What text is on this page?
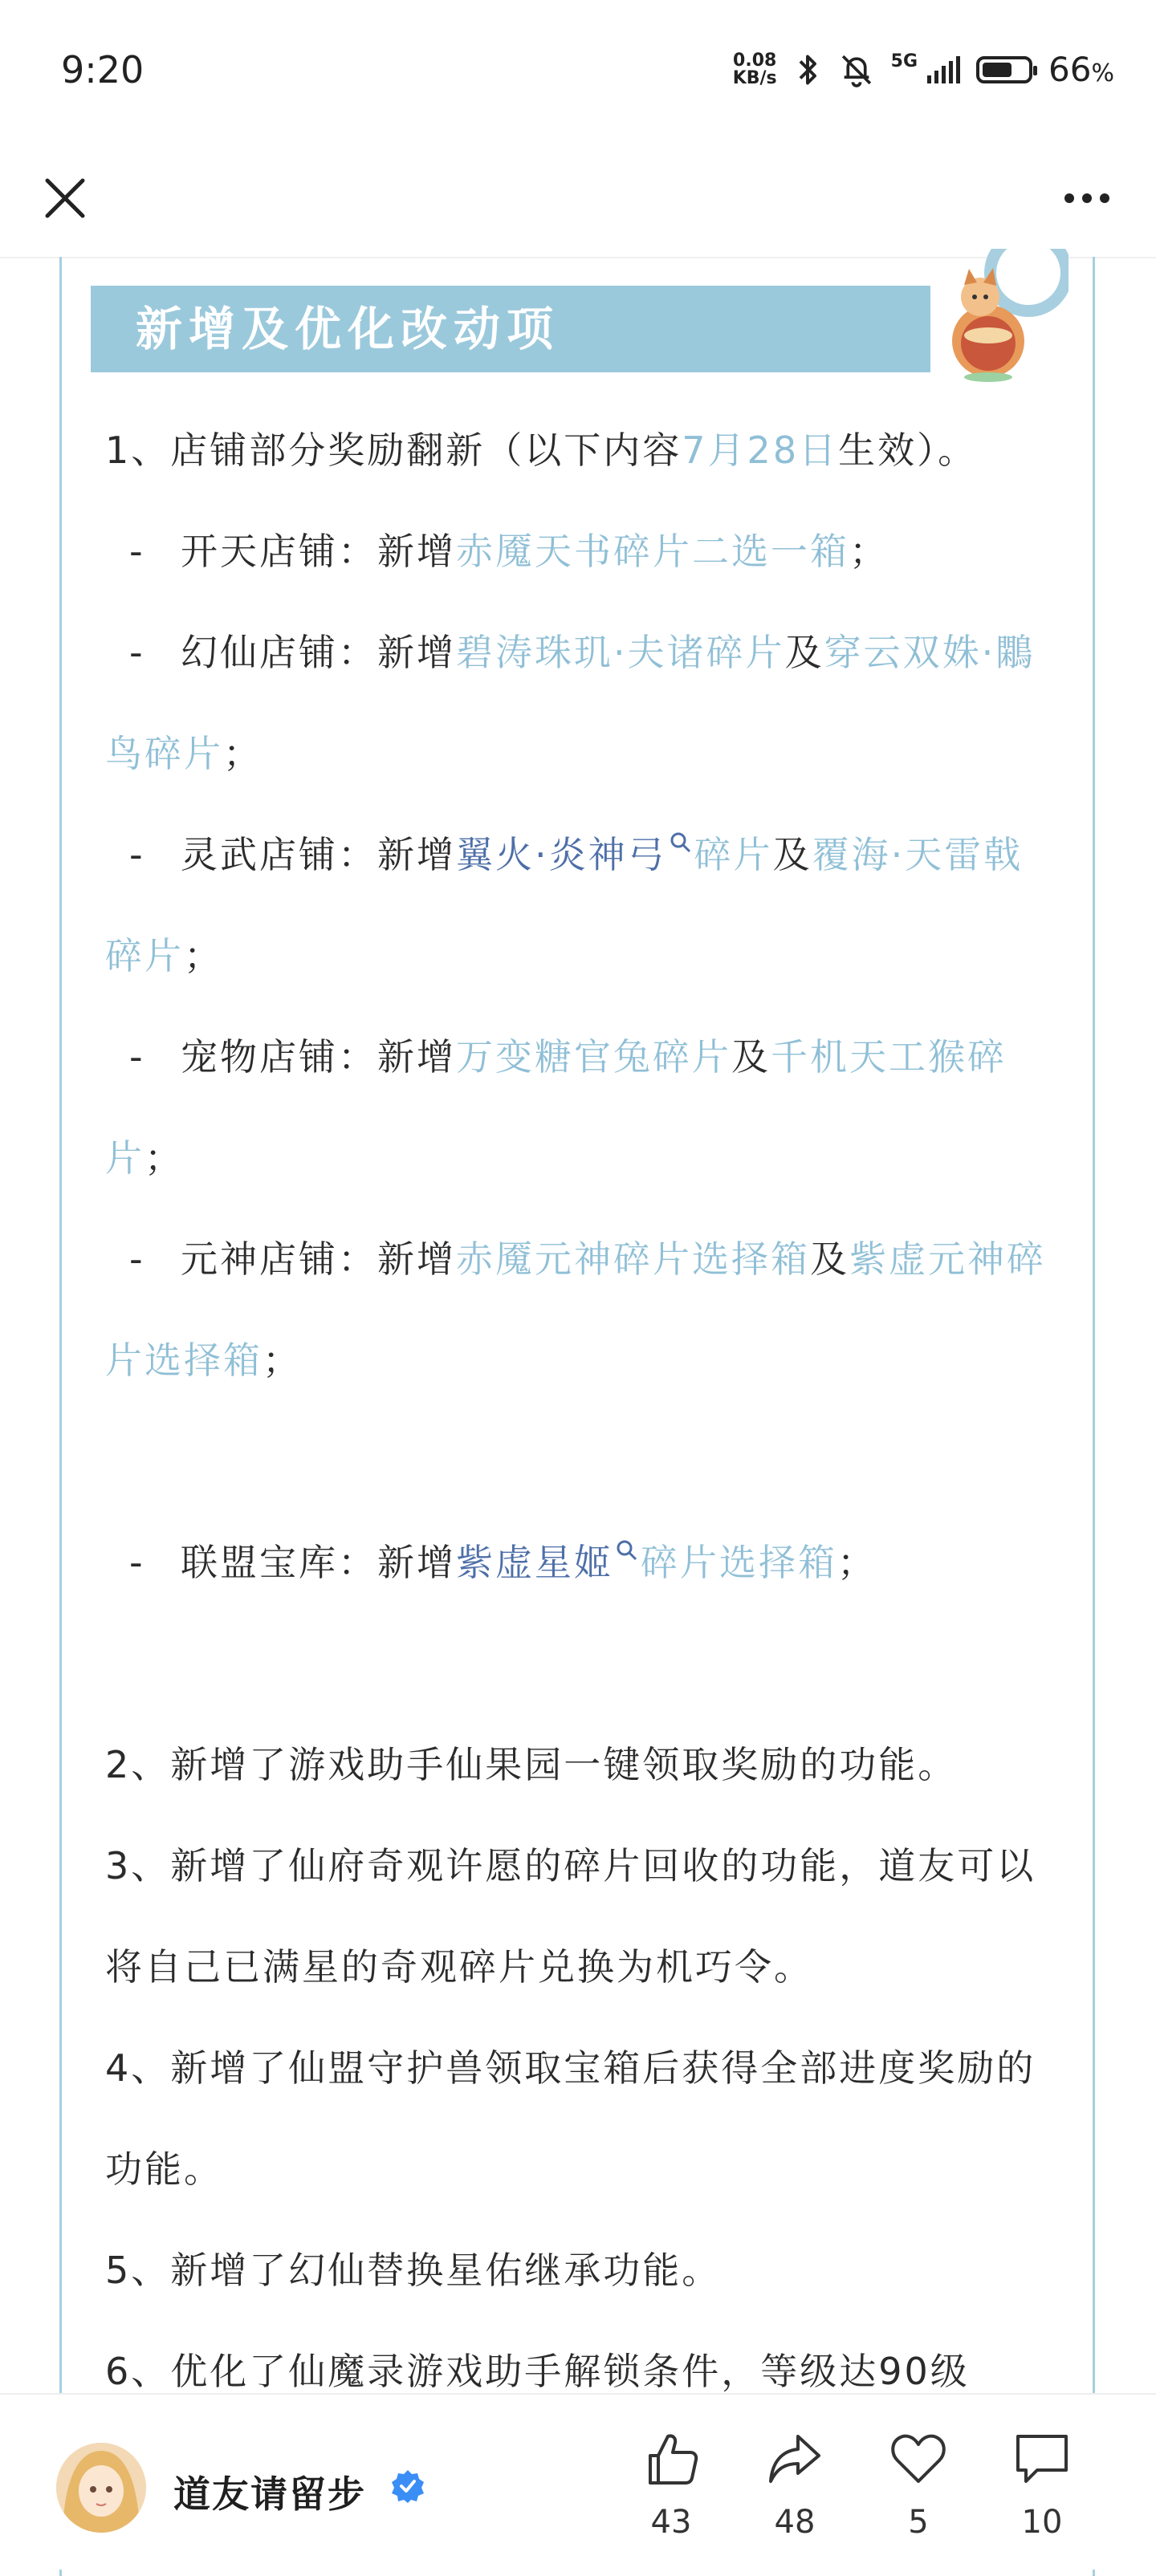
9:20	0.08
KB/s
5G	66%
新增及优化改动项

1、店铺部分奖励翻新（以下内容7月28日生效）。

- 开天店铺：新增赤魇天书碎片二选一箱；

- 幻仙店铺：新增碧涛珠玑·夫诸碎片及穿云双姝·鷴鸟碎片；

- 灵武店铺：新增翼火·炎神弓 碎片及覆海·天雷戟碎片；

- 宠物店铺：新增万变糖官兔碎片及千机天工猴碎片；

- 元神店铺：新增赤魇元神碎片选择箱及紫虚元神碎片选择箱；

- 联盟宝库：新增紫虚星姬 碎片选择箱；

2、新增了游戏助手仙果园一键领取奖励的功能。

3、新增了仙府奇观许愿的碎片回收的功能，道友可以将自己已满星的奇观碎片兑换为机巧令。

4、新增了仙盟守护兽领取宝箱后获得全部进度奖励的功能。

5、新增了幻仙替换星佑继承功能。

6、优化了仙魔录游戏助手解锁条件，等级达90级

道友请留步
43	48	5	10
